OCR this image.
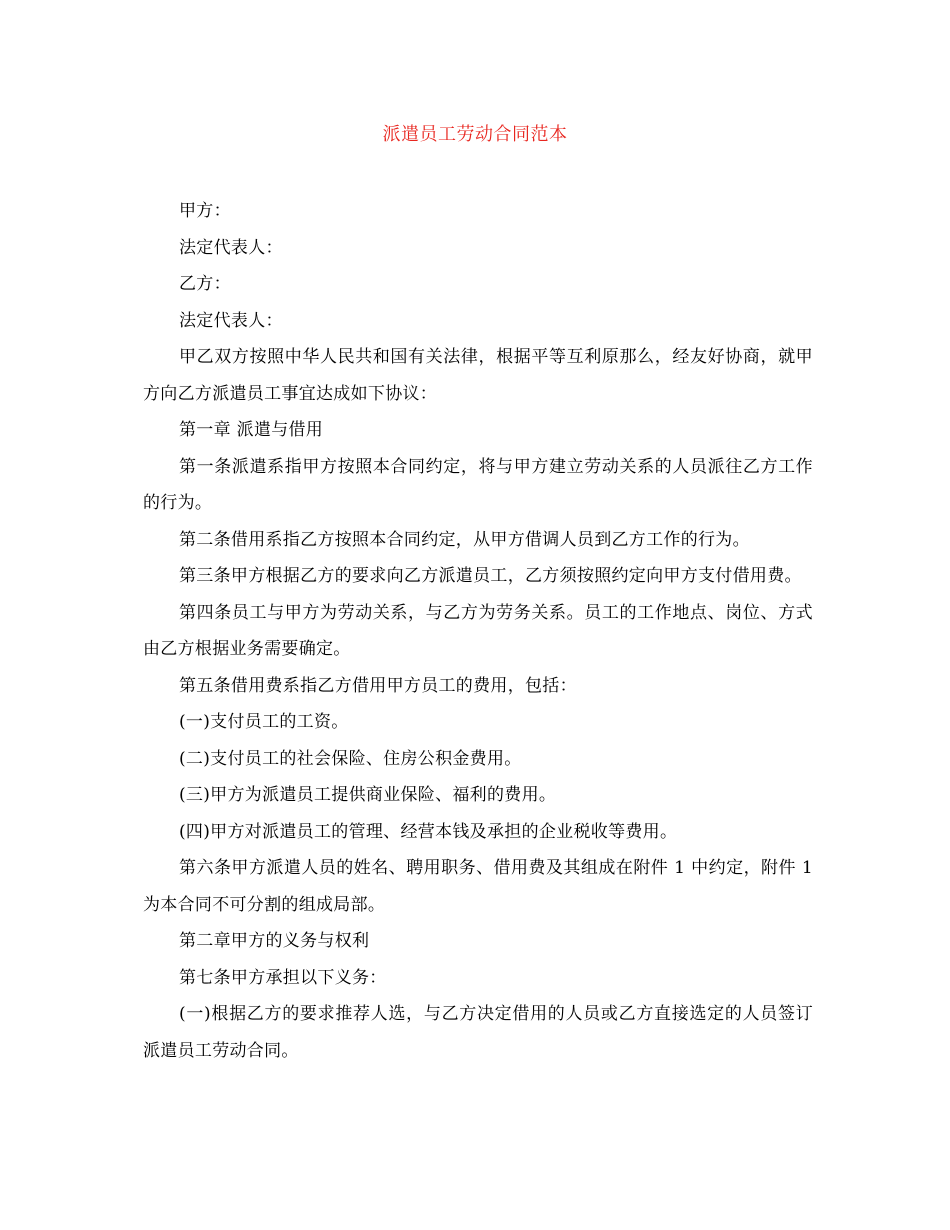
派遣员工劳动合同范本

甲方：

法定代表人：

乙方：

法定代表人：

甲乙双方按照中华人民共和国有关法律，根据平等互利原那么，经友好协商，就甲方向乙方派遣员工事宜达成如下协议：

第一章 派遣与借用

第一条派遣系指甲方按照本合同约定，将与甲方建立劳动关系的人员派往乙方工作的行为。

第二条借用系指乙方按照本合同约定，从甲方借调人员到乙方工作的行为。

第三条甲方根据乙方的要求向乙方派遣员工，乙方须按照约定向甲方支付借用费。

第四条员工与甲方为劳动关系，与乙方为劳务关系。员工的工作地点、岗位、方式由乙方根据业务需要确定。

第五条借用费系指乙方借用甲方员工的费用，包括：

(一)支付员工的工资。

(二)支付员工的社会保险、住房公积金费用。

(三)甲方为派遣员工提供商业保险、福利的费用。

(四)甲方对派遣员工的管理、经营本钱及承担的企业税收等费用。

第六条甲方派遣人员的姓名、聘用职务、借用费及其组成在附件 1 中约定，附件 1 为本合同不可分割的组成局部。

第二章甲方的义务与权利

第七条甲方承担以下义务：

(一)根据乙方的要求推荐人选，与乙方决定借用的人员或乙方直接选定的人员签订派遣员工劳动合同。
